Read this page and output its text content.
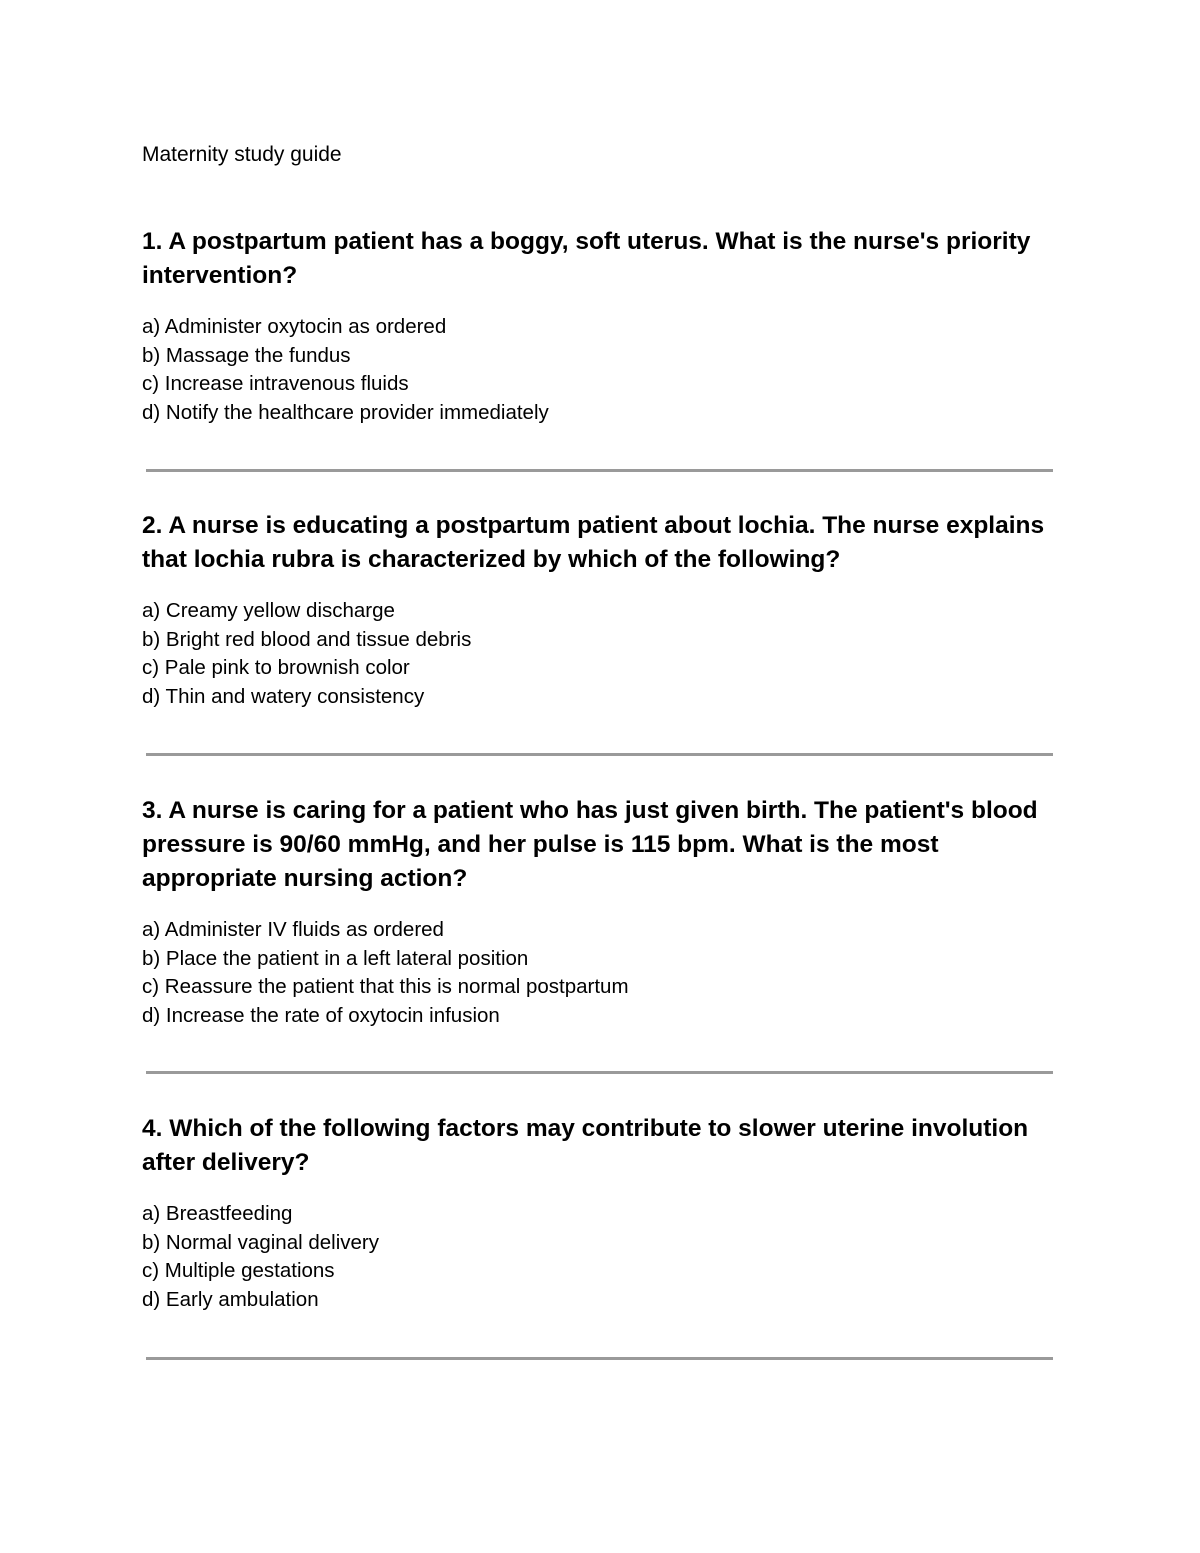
Maternity study guide

1. A postpartum patient has a boggy, soft uterus. What is the nurse's priority intervention?

a) Administer oxytocin as ordered
b) Massage the fundus
c) Increase intravenous fluids
d) Notify the healthcare provider immediately

2. A nurse is educating a postpartum patient about lochia. The nurse explains that lochia rubra is characterized by which of the following?

a) Creamy yellow discharge
b) Bright red blood and tissue debris
c) Pale pink to brownish color
d) Thin and watery consistency

3. A nurse is caring for a patient who has just given birth. The patient's blood pressure is 90/60 mmHg, and her pulse is 115 bpm. What is the most appropriate nursing action?

a) Administer IV fluids as ordered
b) Place the patient in a left lateral position
c) Reassure the patient that this is normal postpartum
d) Increase the rate of oxytocin infusion

4. Which of the following factors may contribute to slower uterine involution after delivery?

a) Breastfeeding
b) Normal vaginal delivery
c) Multiple gestations
d) Early ambulation
